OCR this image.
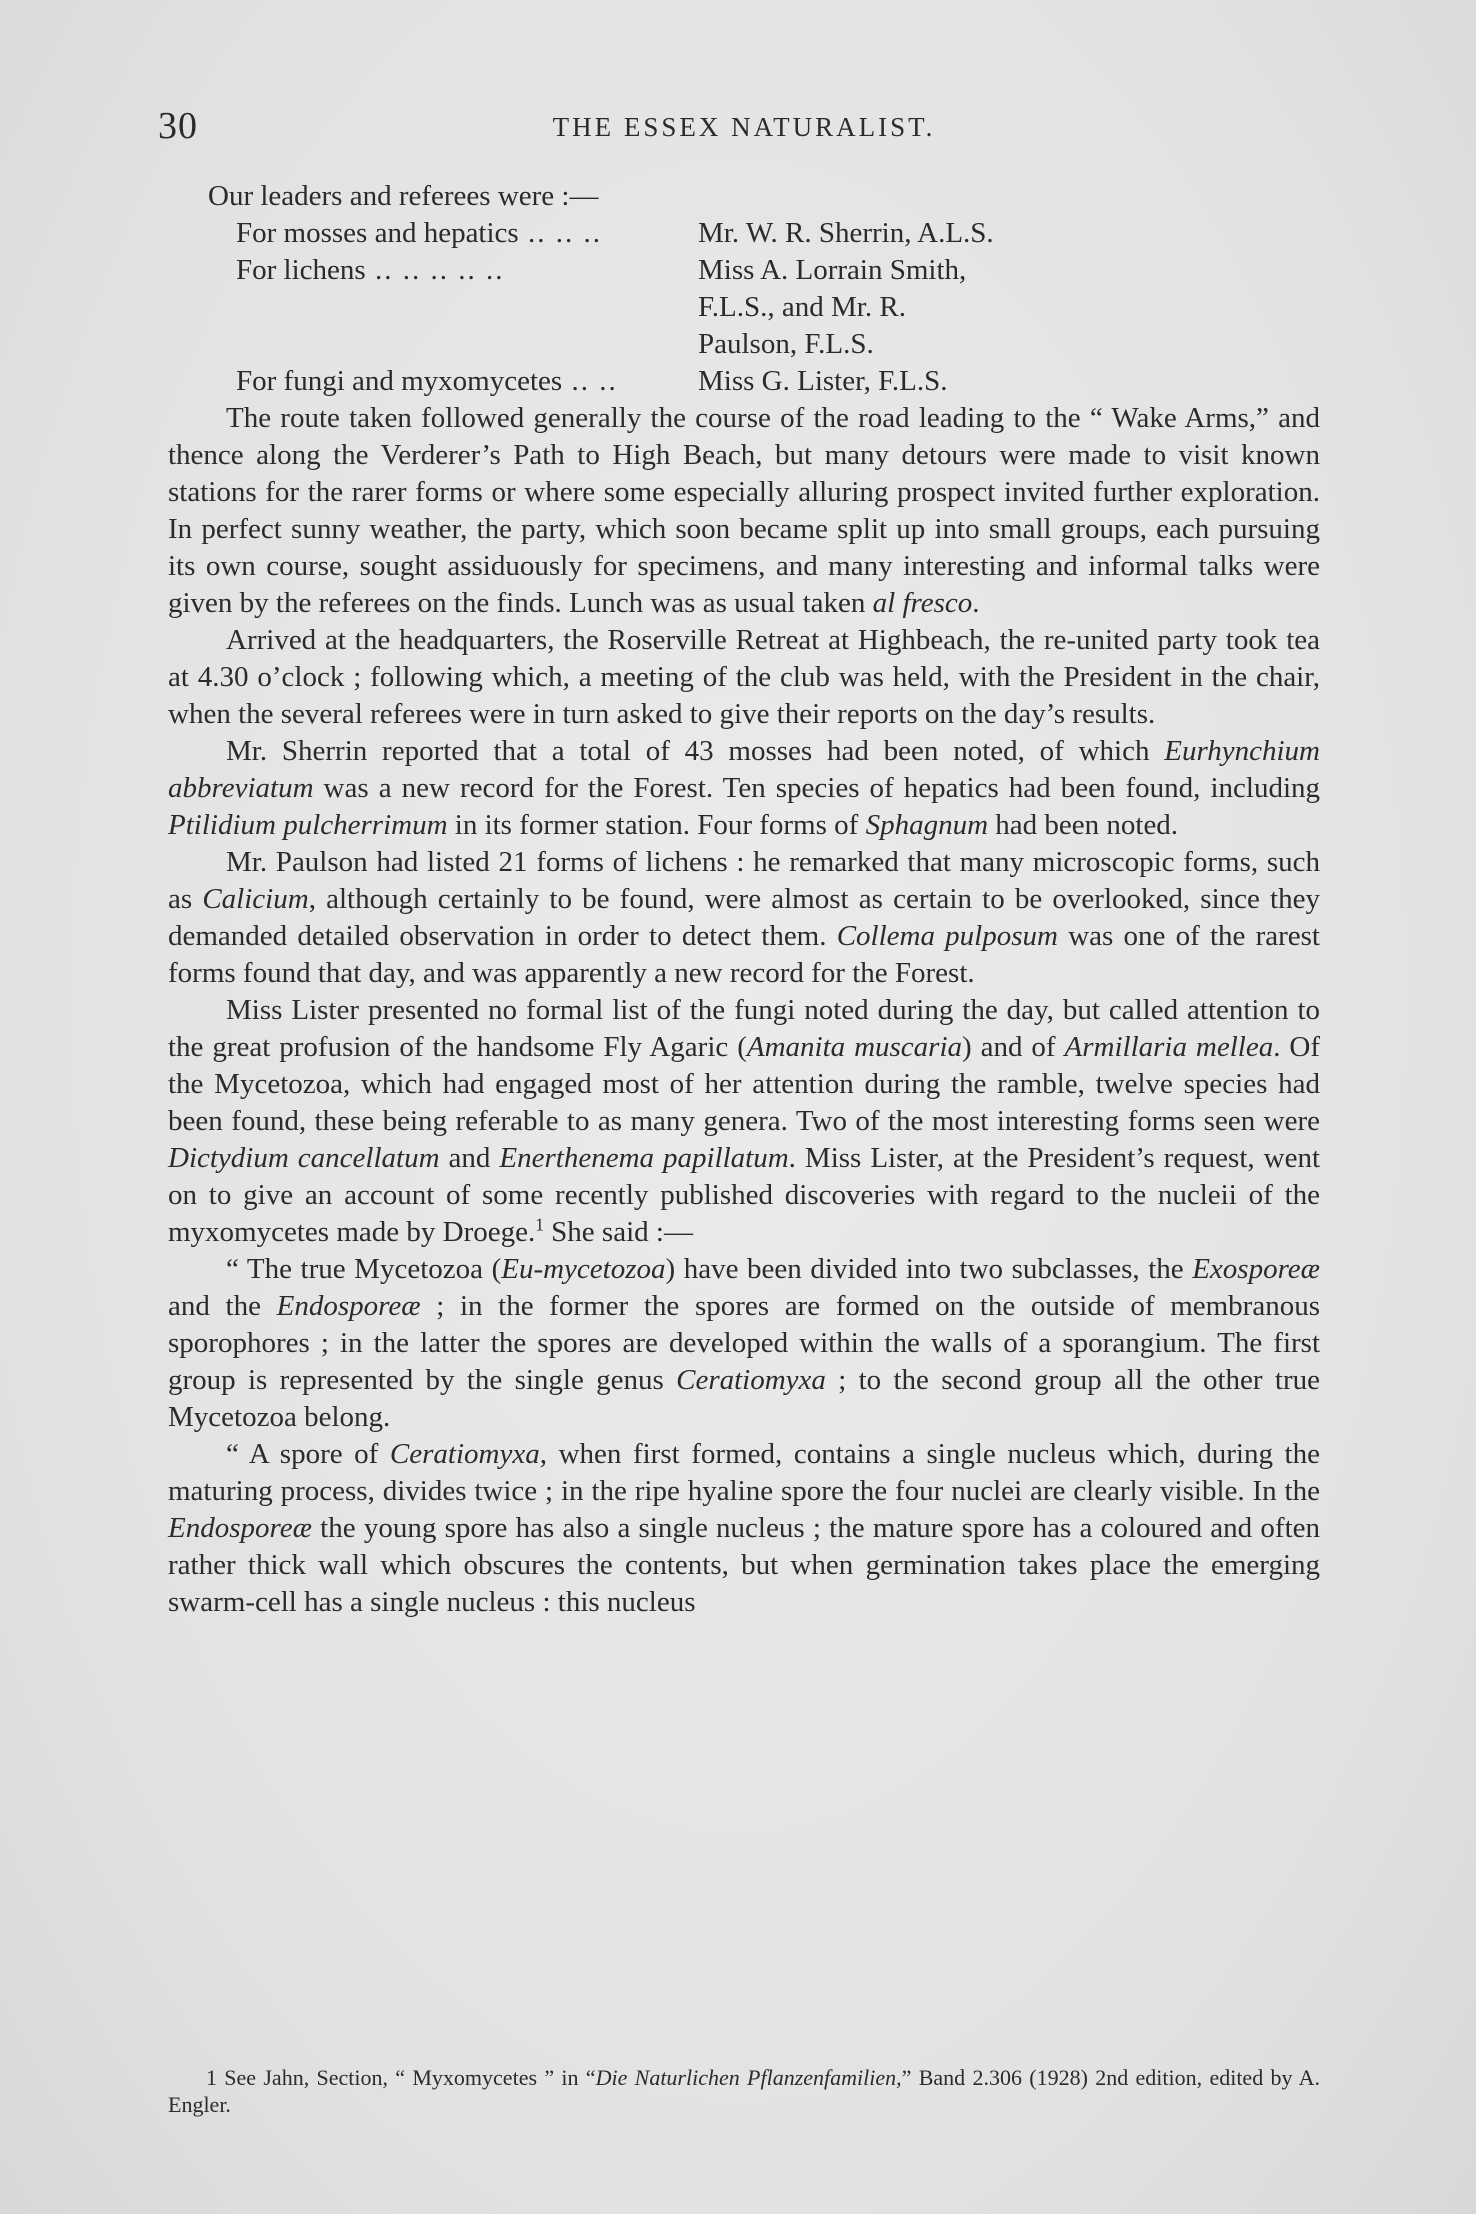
30	THE ESSEX NATURALIST.

Our leaders and referees were :—

For mosses and hepatics .. .. ..	Mr. W. R. Sherrin, A.L.S.
For lichens .. .. .. .. ..	Miss A. Lorrain Smith,
F.L.S., and Mr. R.
Paulson, F.L.S.
For fungi and myxomycetes .. ..	Miss G. Lister, F.L.S.

The route taken followed generally the course of the road leading to the “ Wake Arms,” and thence along the Verderer’s Path to High Beach, but many detours were made to visit known stations for the rarer forms or where some especially alluring prospect invited further exploration. In perfect sunny weather, the party, which soon became split up into small groups, each pursuing its own course, sought assiduously for specimens, and many interesting and informal talks were given by the referees on the finds. Lunch was as usual taken al fresco.

Arrived at the headquarters, the Roserville Retreat at Highbeach, the re-united party took tea at 4.30 o’clock ; following which, a meeting of the club was held, with the President in the chair, when the several referees were in turn asked to give their reports on the day’s results.

Mr. Sherrin reported that a total of 43 mosses had been noted, of which Eurhynchium abbreviatum was a new record for the Forest. Ten species of hepatics had been found, including Ptilidium pulcherrimum in its former station. Four forms of Sphagnum had been noted.

Mr. Paulson had listed 21 forms of lichens : he remarked that many microscopic forms, such as Calicium, although certainly to be found, were almost as certain to be overlooked, since they demanded detailed observation in order to detect them. Collema pulposum was one of the rarest forms found that day, and was apparently a new record for the Forest.

Miss Lister presented no formal list of the fungi noted during the day, but called attention to the great profusion of the handsome Fly Agaric (Amanita muscaria) and of Armillaria mellea. Of the Mycetozoa, which had engaged most of her attention during the ramble, twelve species had been found, these being referable to as many genera. Two of the most interesting forms seen were Dictydium cancellatum and Enerthenema papillatum. Miss Lister, at the President’s request, went on to give an account of some recently published discoveries with regard to the nucleii of the myxomycetes made by Droege.$^1$ She said :—

“ The true Mycetozoa (Eu-mycetozoa) have been divided into two subclasses, the Exosporeæ and the Endosporeæ ; in the former the spores are formed on the outside of membranous sporophores ; in the latter the spores are developed within the walls of a sporangium. The first group is represented by the single genus Ceratiomyxa ; to the second group all the other true Mycetozoa belong.

“ A spore of Ceratiomyxa, when first formed, contains a single nucleus which, during the maturing process, divides twice ; in the ripe hyaline spore the four nuclei are clearly visible. In the Endosporeæ the young spore has also a single nucleus ; the mature spore has a coloured and often rather thick wall which obscures the contents, but when germination takes place the emerging swarm-cell has a single nucleus : this nucleus

1 See Jahn, Section, “ Myxomycetes ” in “Die Naturlichen Pflanzenfamilien,” Band 2.306 (1928) 2nd edition, edited by A. Engler.
